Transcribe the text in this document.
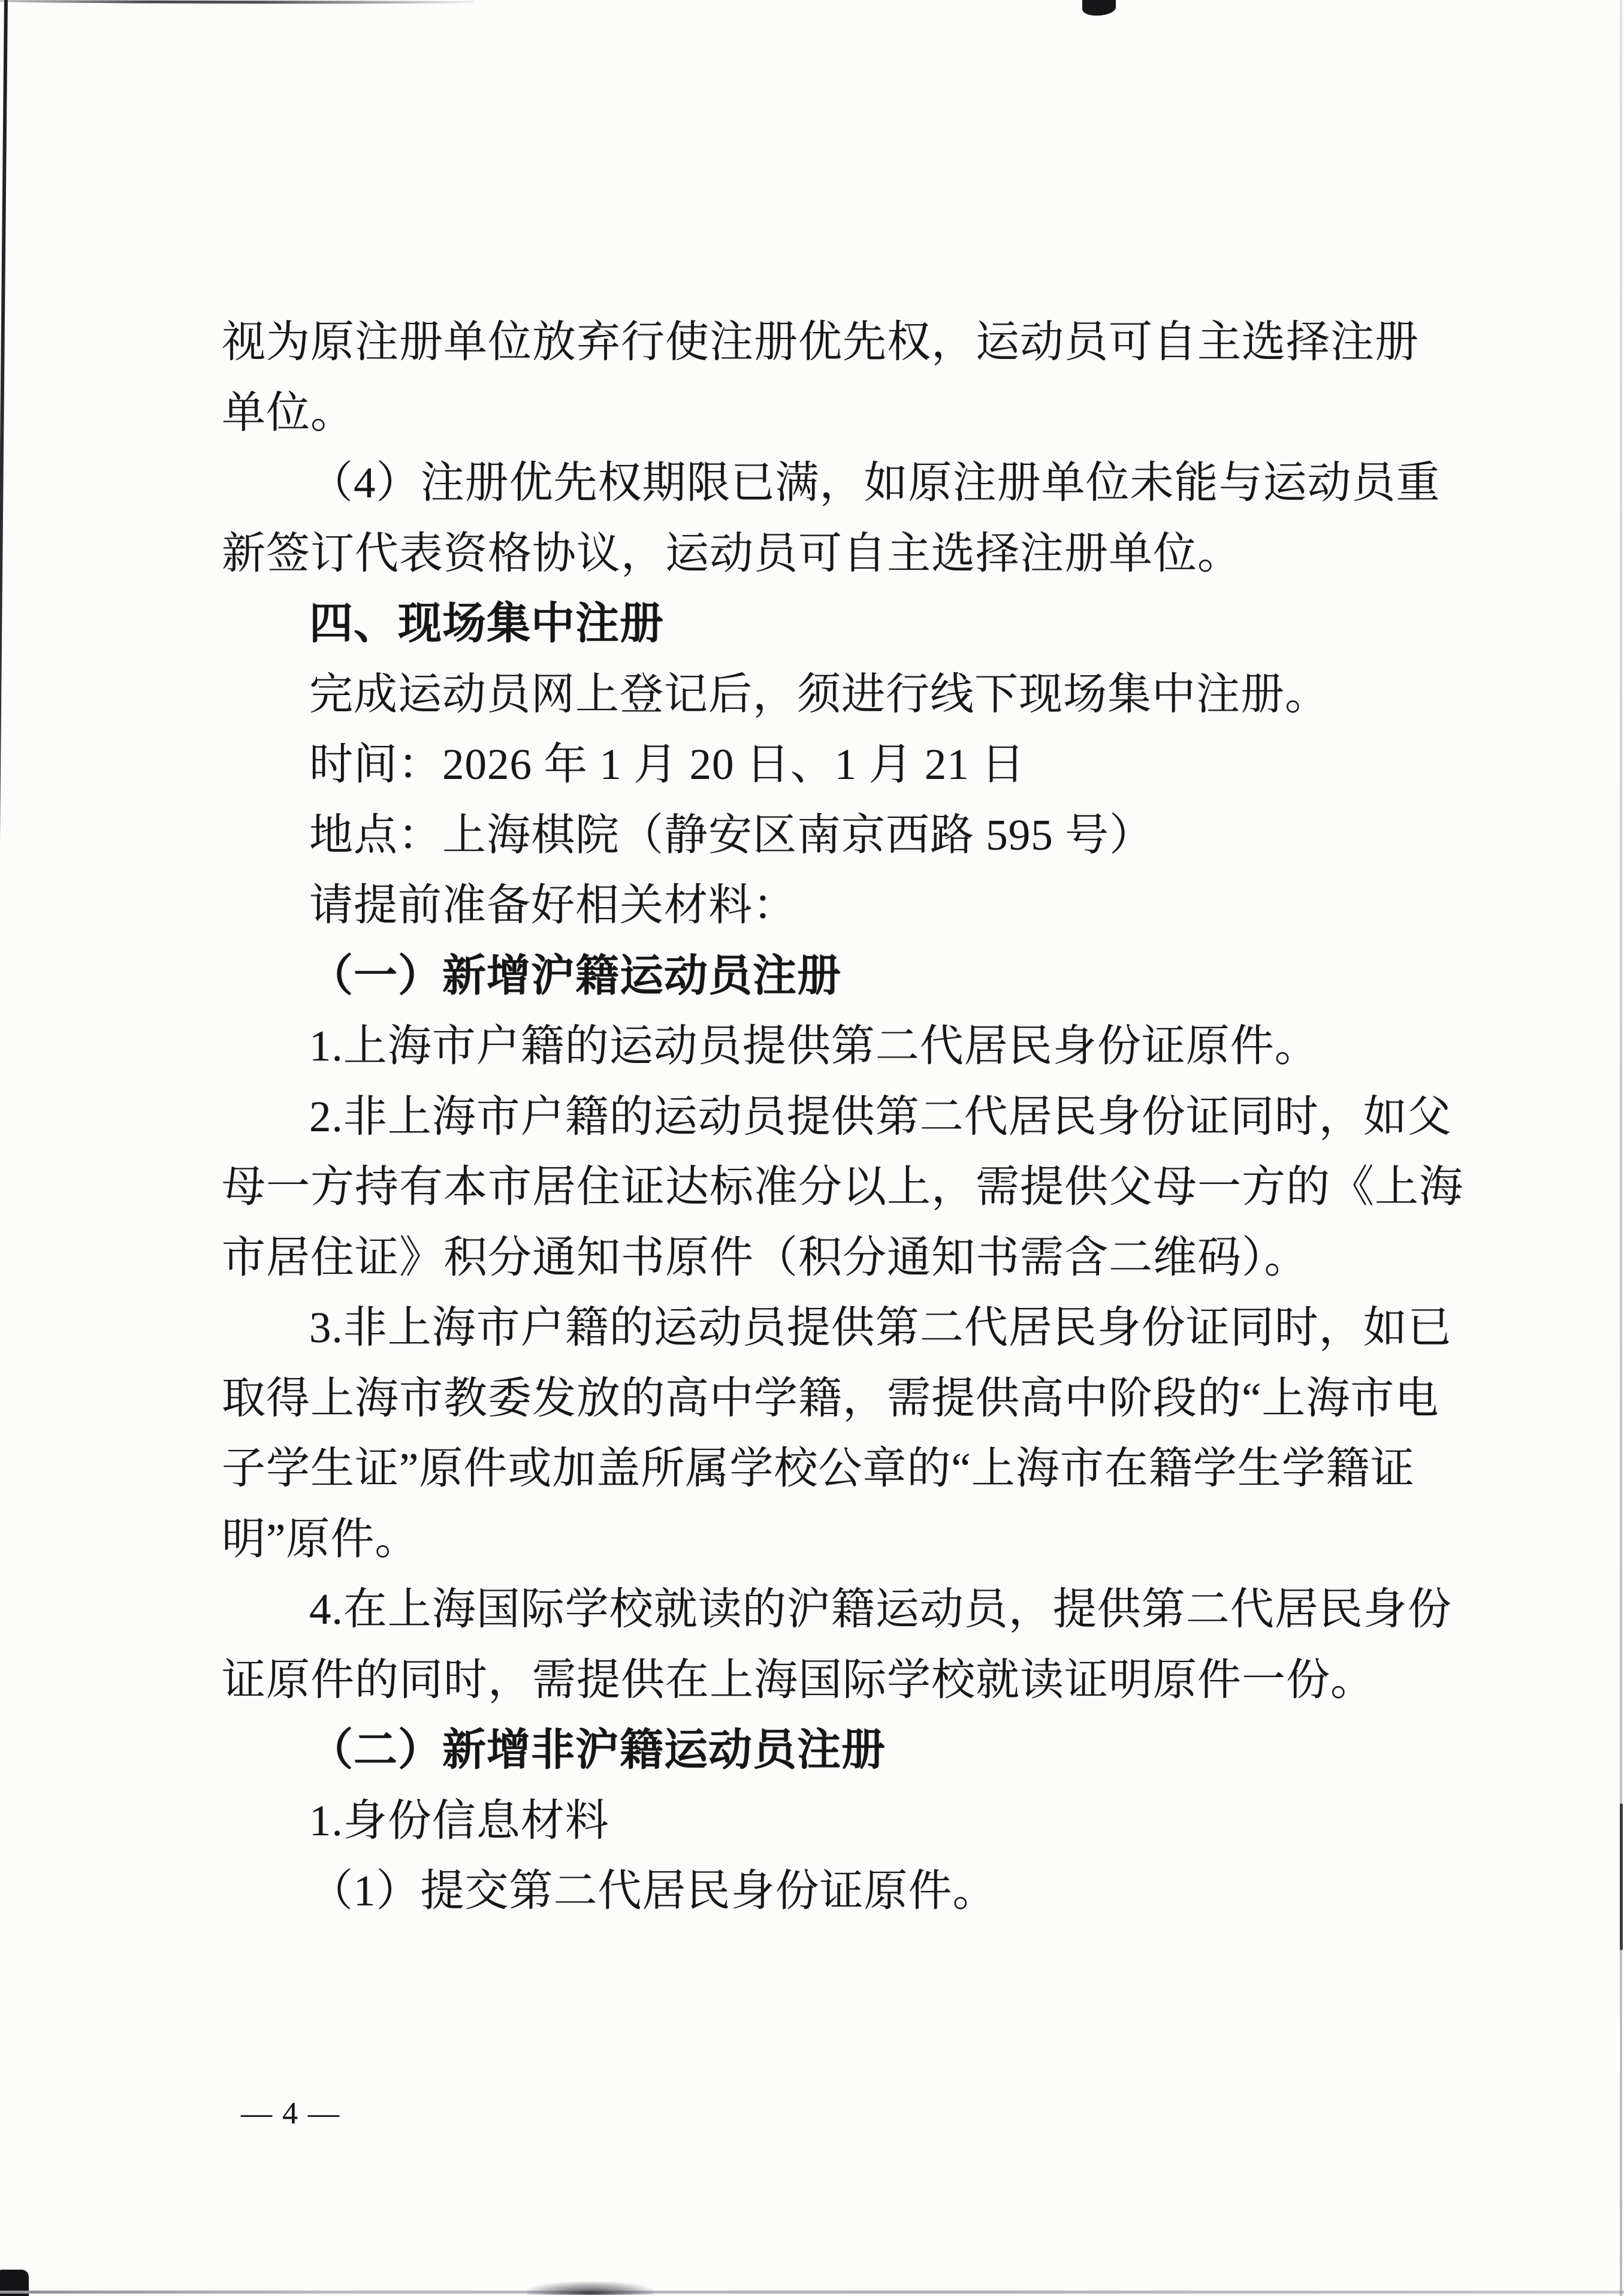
视为原注册单位放弃行使注册优先权，运动员可自主选择注册

单位。

（4）注册优先权期限已满，如原注册单位未能与运动员重

新签订代表资格协议，运动员可自主选择注册单位。

四、现场集中注册

完成运动员网上登记后，须进行线下现场集中注册。

时间：2026 年 1 月 20 日、1 月 21 日

地点：上海棋院（静安区南京西路 595 号）

请提前准备好相关材料：

（一）新增沪籍运动员注册

1.上海市户籍的运动员提供第二代居民身份证原件。

2.非上海市户籍的运动员提供第二代居民身份证同时，如父

母一方持有本市居住证达标准分以上，需提供父母一方的《上海

市居住证》积分通知书原件（积分通知书需含二维码）。

3.非上海市户籍的运动员提供第二代居民身份证同时，如已

取得上海市教委发放的高中学籍，需提供高中阶段的“上海市电

子学生证”原件或加盖所属学校公章的“上海市在籍学生学籍证

明”原件。

4.在上海国际学校就读的沪籍运动员，提供第二代居民身份

证原件的同时，需提供在上海国际学校就读证明原件一份。

（二）新增非沪籍运动员注册

1.身份信息材料

（1）提交第二代居民身份证原件。

— 4 —
